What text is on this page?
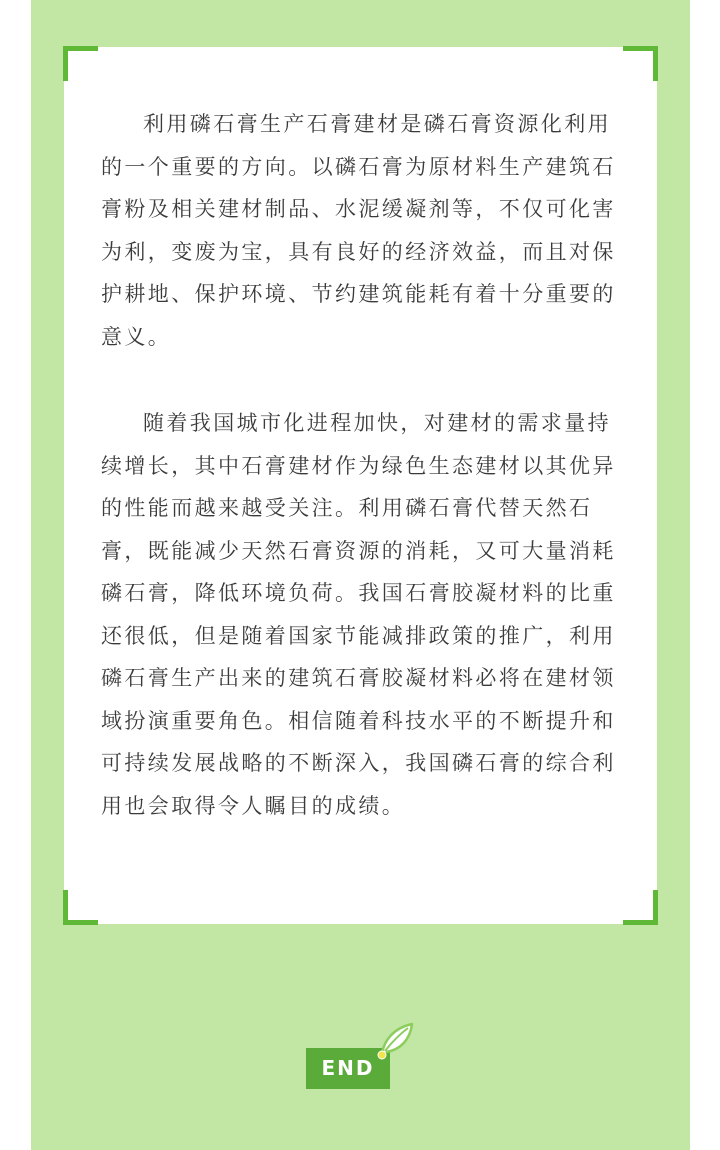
利用磷石膏生产石膏建材是磷石膏资源化利用的一个重要的方向。以磷石膏为原材料生产建筑石膏粉及相关建材制品、水泥缓凝剂等，不仅可化害为利，变废为宝，具有良好的经济效益，而且对保护耕地、保护环境、节约建筑能耗有着十分重要的意义。

随着我国城市化进程加快，对建材的需求量持续增长，其中石膏建材作为绿色生态建材以其优异的性能而越来越受关注。利用磷石膏代替天然石膏，既能减少天然石膏资源的消耗，又可大量消耗磷石膏，降低环境负荷。我国石膏胶凝材料的比重还很低，但是随着国家节能减排政策的推广，利用磷石膏生产出来的建筑石膏胶凝材料必将在建材领域扮演重要角色。相信随着科技水平的不断提升和可持续发展战略的不断深入，我国磷石膏的综合利用也会取得令人瞩目的成绩。

END
